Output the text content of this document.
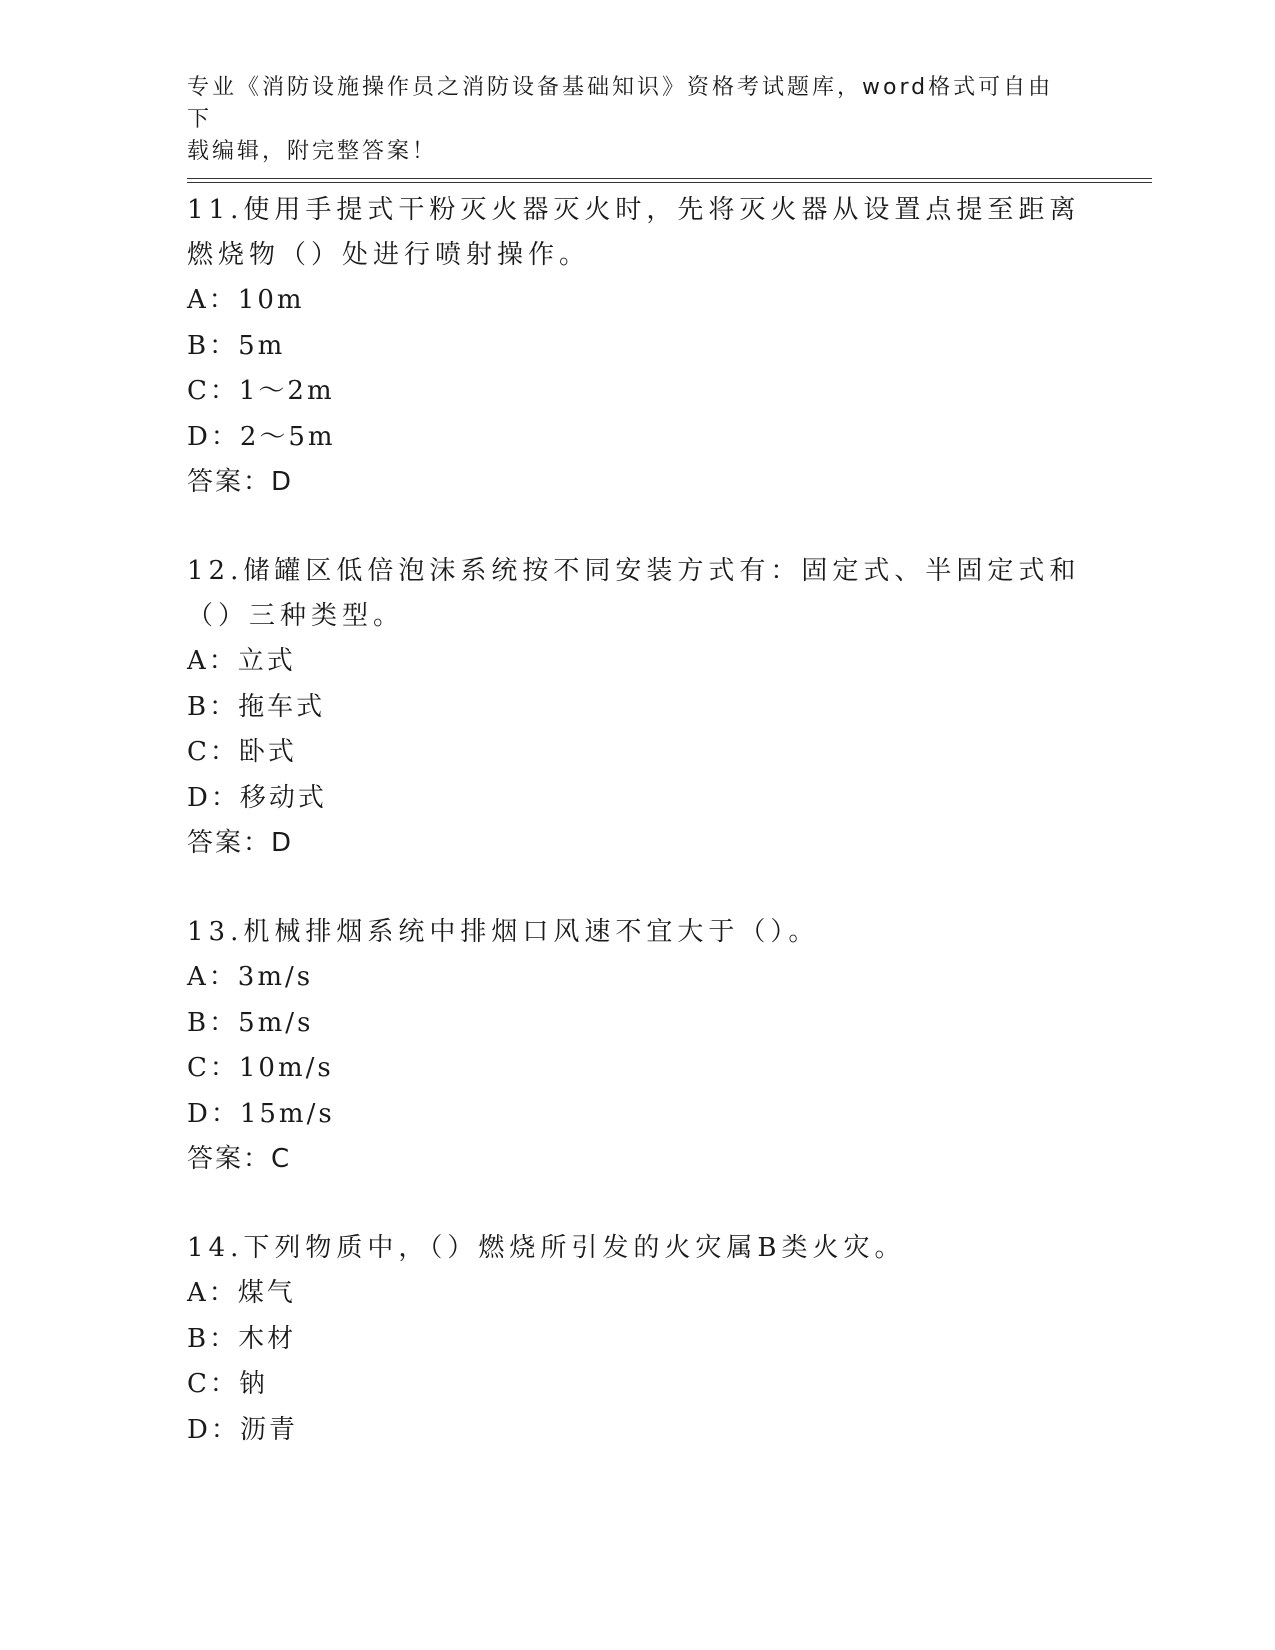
专业《消防设施操作员之消防设备基础知识》资格考试题库，word格式可自由下
载编辑，附完整答案！
11.使用手提式干粉灭火器灭火时，先将灭火器从设置点提至距离燃烧物（）处进行喷射操作。
A：10m
B：5m
C：1～2m
D：2～5m
答案：D
12.储罐区低倍泡沫系统按不同安装方式有：固定式、半固定式和（）三种类型。
A：立式
B：拖车式
C：卧式
D：移动式
答案：D
13.机械排烟系统中排烟口风速不宜大于（）。
A：3m/s
B：5m/s
C：10m/s
D：15m/s
答案：C
14.下列物质中，（）燃烧所引发的火灾属B类火灾。
A：煤气
B：木材
C：钠
D：沥青
